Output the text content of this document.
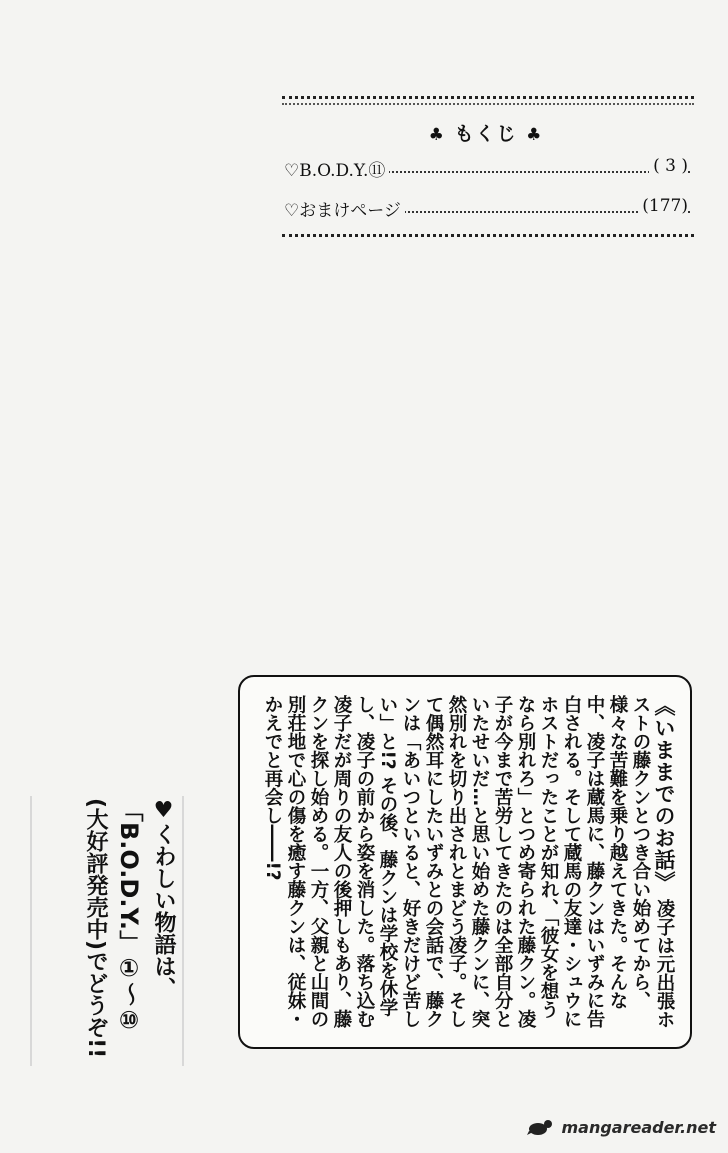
♣ もくじ ♣
♡B.O.D.Y.⑪	( 3 )
♡おまけページ	(177)
《いままでのお話》 凌子は元出張ホストの藤クンとつき合い始めてから、様々な苦難を乗り越えてきた。そんな中、凌子は蔵馬に、藤クンはいずみに告白される。そして蔵馬の友達・シュウにホストだったことが知れ、「彼女を想うなら別れろ」とつめ寄られた藤クン。凌子が今まで苦労してきたのは全部自分といたせいだ…と思い始めた藤クンに、突然別れを切り出されとまどう凌子。そして偶然耳にしたいずみとの会話で、藤クンは「あいつといると、好きだけど苦しい」と!? その後、藤クンは学校を休学し、凌子の前から姿を消した。落ち込む凌子だが周りの友人の後押しもあり、藤クンを探し始める。一方、父親と山間の別荘地で心の傷を癒す藤クンは、従妹・かえでと再会し――!?
♥くわしい物語は、
「B.O.D.Y.」①～⑩
(大好評発売中)でどうぞ!!
mangareader.net
